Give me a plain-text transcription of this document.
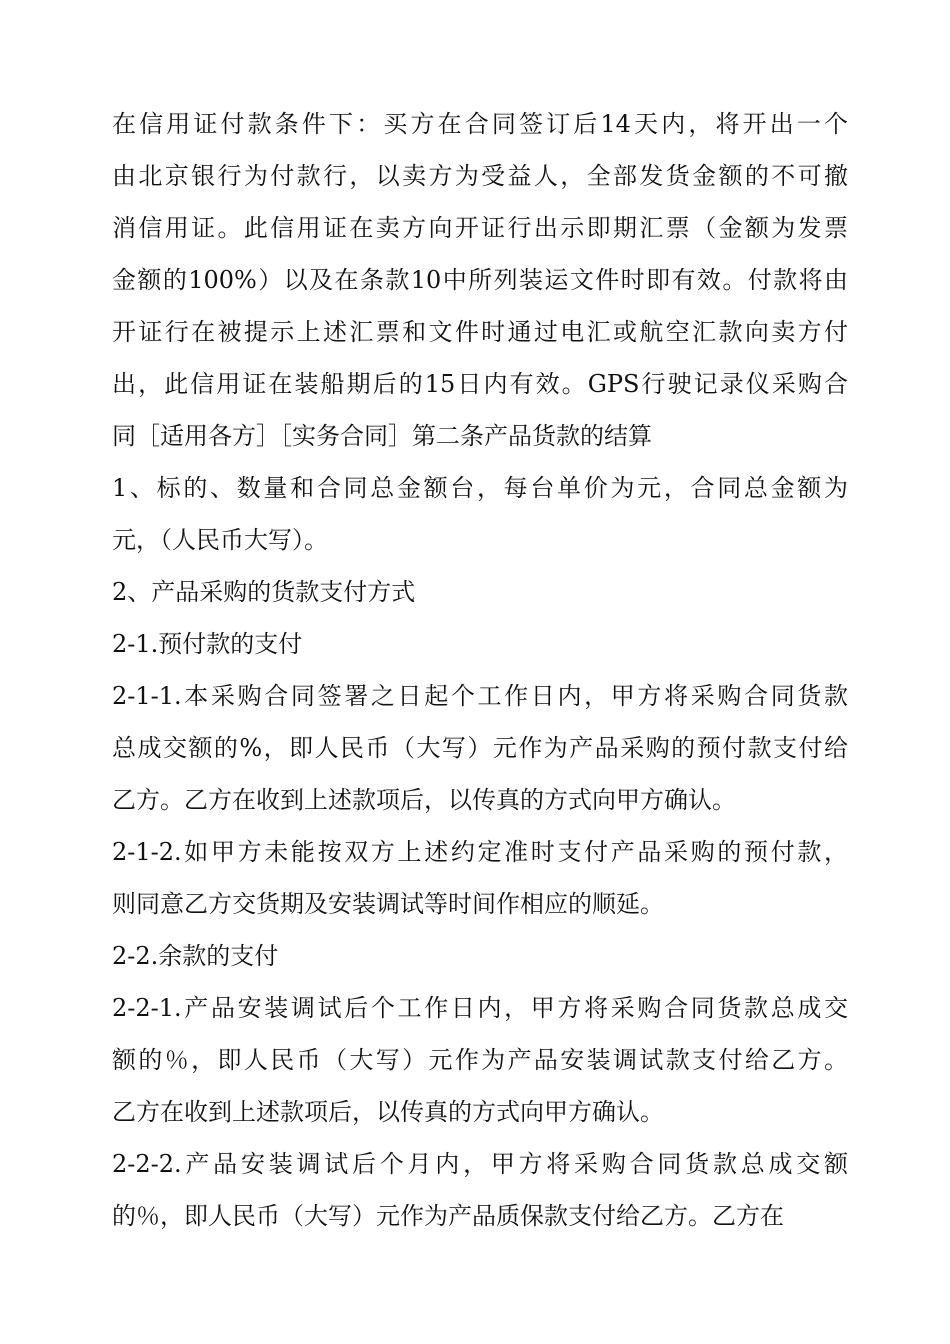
在信用证付款条件下：买方在合同签订后14天内，将开出一个
由北京银行为付款行，以卖方为受益人，全部发货金额的不可撤
消信用证。此信用证在卖方向开证行出示即期汇票（金额为发票
金额的100%）以及在条款10中所列装运文件时即有效。付款将由
开证行在被提示上述汇票和文件时通过电汇或航空汇款向卖方付
出，此信用证在装船期后的15日内有效。GPS行驶记录仪采购合
同［适用各方］［实务合同］第二条产品货款的结算
1、标的、数量和合同总金额台，每台单价为元，合同总金额为
元，（人民币大写）。
2、产品采购的货款支付方式
2-1.预付款的支付
2-1-1.本采购合同签署之日起个工作日内，甲方将采购合同货款
总成交额的%，即人民币（大写）元作为产品采购的预付款支付给
乙方。乙方在收到上述款项后，以传真的方式向甲方确认。
2-1-2.如甲方未能按双方上述约定准时支付产品采购的预付款，
则同意乙方交货期及安装调试等时间作相应的顺延。
2-2.余款的支付
2-2-1.产品安装调试后个工作日内，甲方将采购合同货款总成交
额的％，即人民币（大写）元作为产品安装调试款支付给乙方。
乙方在收到上述款项后，以传真的方式向甲方确认。
2-2-2.产品安装调试后个月内，甲方将采购合同货款总成交额
的％，即人民币（大写）元作为产品质保款支付给乙方。乙方在
